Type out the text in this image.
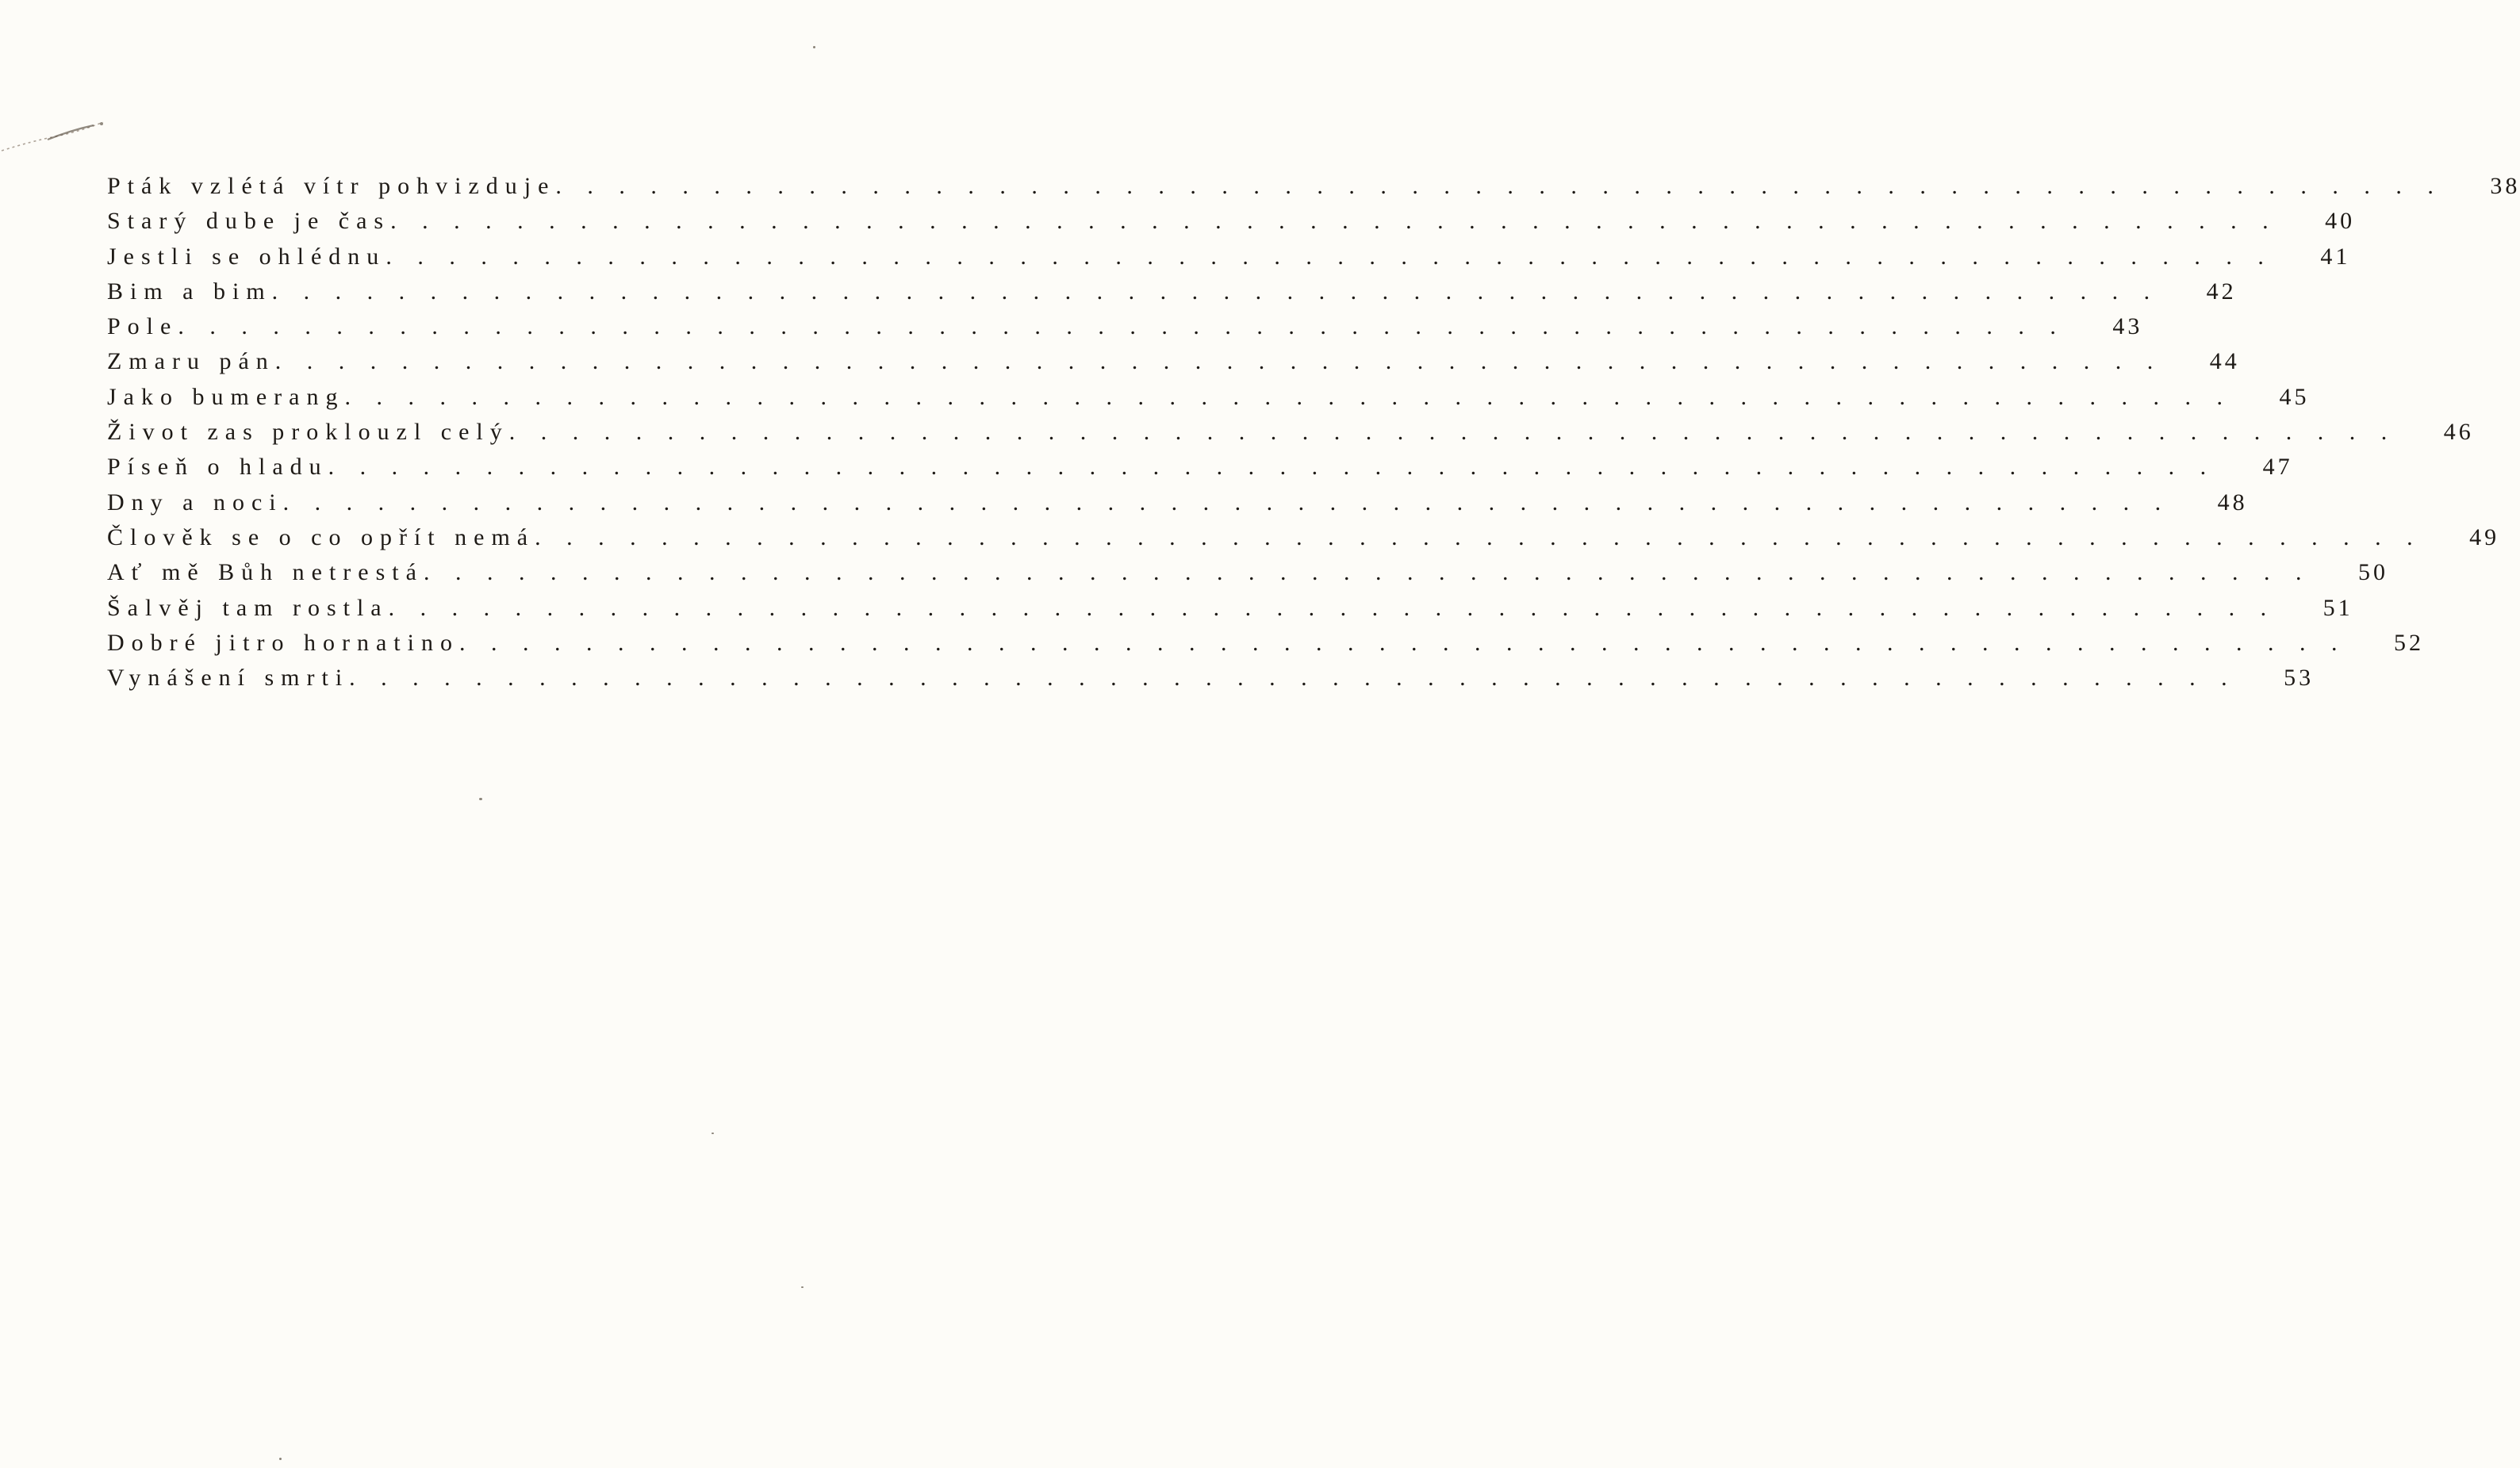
Pták vzlétá vítr pohvizduje . . . . . . . . . . . . . . . . . . . . . . . . . . . . . . . . . . . . . . . . . . . . . . . . . . . . . . . . . . . .	38
Starý dube je čas . . . . . . . . . . . . . . . . . . . . . . . . . . . . . . . . . . . . . . . . . . . . . . . . . . . . . . . . . . . .	40
Jestli se ohlédnu . . . . . . . . . . . . . . . . . . . . . . . . . . . . . . . . . . . . . . . . . . . . . . . . . . . . . . . . . . . .	41
Bim a bim . . . . . . . . . . . . . . . . . . . . . . . . . . . . . . . . . . . . . . . . . . . . . . . . . . . . . . . . . . . .	42
Pole . . . . . . . . . . . . . . . . . . . . . . . . . . . . . . . . . . . . . . . . . . . . . . . . . . . . . . . . . . . .	43
Zmaru pán . . . . . . . . . . . . . . . . . . . . . . . . . . . . . . . . . . . . . . . . . . . . . . . . . . . . . . . . . . . .	44
Jako bumerang . . . . . . . . . . . . . . . . . . . . . . . . . . . . . . . . . . . . . . . . . . . . . . . . . . . . . . . . . . . .	45
Život zas proklouzl celý . . . . . . . . . . . . . . . . . . . . . . . . . . . . . . . . . . . . . . . . . . . . . . . . . . . . . . . . . . . .	46
Píseň o hladu . . . . . . . . . . . . . . . . . . . . . . . . . . . . . . . . . . . . . . . . . . . . . . . . . . . . . . . . . . . .	47
Dny a noci . . . . . . . . . . . . . . . . . . . . . . . . . . . . . . . . . . . . . . . . . . . . . . . . . . . . . . . . . . . .	48
Člověk se o co opřít nemá . . . . . . . . . . . . . . . . . . . . . . . . . . . . . . . . . . . . . . . . . . . . . . . . . . . . . . . . . . . .	49
Ať mě Bůh netrestá . . . . . . . . . . . . . . . . . . . . . . . . . . . . . . . . . . . . . . . . . . . . . . . . . . . . . . . . . . . .	50
Šalvěj tam rostla . . . . . . . . . . . . . . . . . . . . . . . . . . . . . . . . . . . . . . . . . . . . . . . . . . . . . . . . . . . .	51
Dobré jitro hornatino . . . . . . . . . . . . . . . . . . . . . . . . . . . . . . . . . . . . . . . . . . . . . . . . . . . . . . . . . . . .	52
Vynášení smrti . . . . . . . . . . . . . . . . . . . . . . . . . . . . . . . . . . . . . . . . . . . . . . . . . . . . . . . . . . . .	53
